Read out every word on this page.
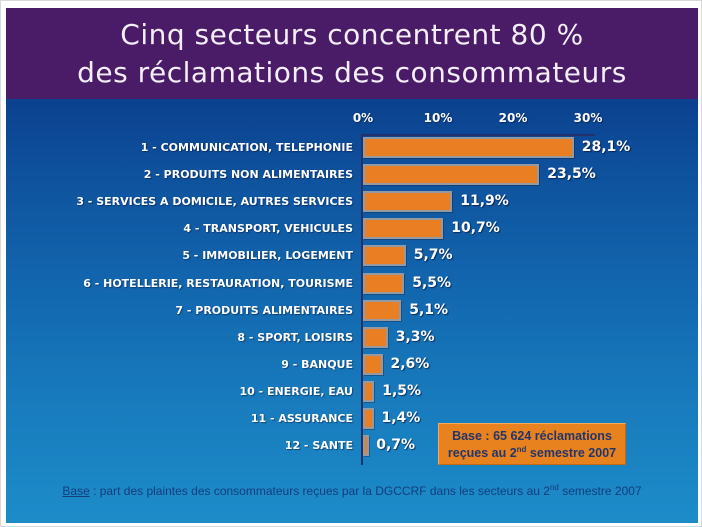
Cinq secteurs concentrent 80 %
des réclamations des consommateurs
0%	10%	20%	30%
1 - COMMUNICATION, TELEPHONIE	28,1%
2 - PRODUITS NON ALIMENTAIRES	23,5%
3 - SERVICES A DOMICILE, AUTRES SERVICES	11,9%
4 - TRANSPORT, VEHICULES	10,7%
5 - IMMOBILIER, LOGEMENT	5,7%
6 - HOTELLERIE, RESTAURATION, TOURISME	5,5%
7 - PRODUITS ALIMENTAIRES	5,1%
8 - SPORT, LOISIRS	3,3%
9 - BANQUE	2,6%
10 - ENERGIE, EAU 1,5%
11 - ASSURANCE 1,4%
12 - SANTE 0,7%
Base : 65 624 réclamations
reçues au 2nd semestre 2007
Base : part des plaintes des consommateurs reçues par la DGCCRF dans les secteurs au 2nd semestre 2007
